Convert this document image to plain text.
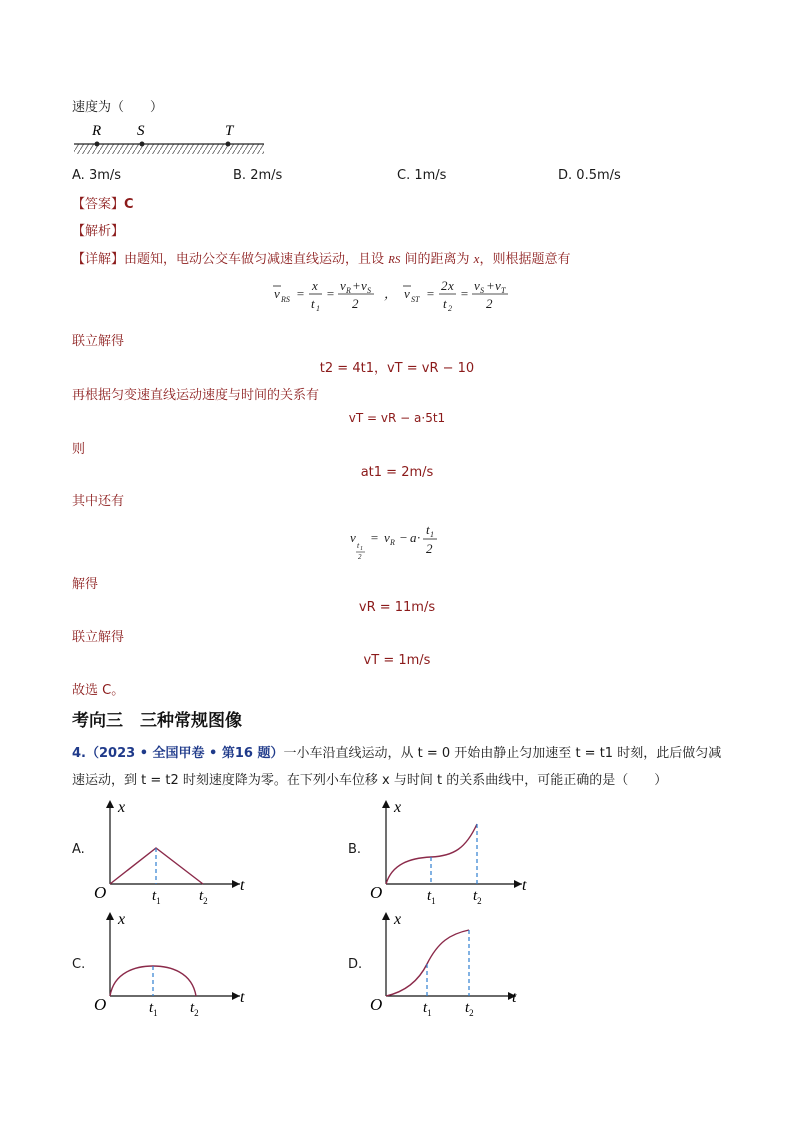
速度为（　　）
R S	T
A. 3m/s	B. 2m/s	C. 1m/s	D. 0.5m/s
【答案】C
【解析】
【详解】由题知，电动公交车做匀减速直线运动，且设 RS 间的距离为 x，则根据题意有
v RS =
x
t 1
=
v R + v S
2
， v ST =
2 x
t 2
=
v S + v T
2
联立解得
t2 = 4t1，vT = vR − 10
再根据匀变速直线运动速度与时间的关系有
vT = vR − a·5t1
则
at1 = 2m/s
其中还有
v
t 1
2
= v R − a ·
t 1
2
解得
vR = 11m/s
联立解得
vT = 1m/s
故选 C。
考向三　三种常规图像
4.（2023 • 全国甲卷 • 第16 题）一小车沿直线运动，从 t = 0 开始由静止匀加速至 t = t1 时刻，此后做匀减
速运动，到 t = t2 时刻速度降为零。在下列小车位移 x 与时间 t 的关系曲线中，可能正确的是（　　）
A.
x
t
O	$t_1$	$t_2$
B.
x
t
O	$t_1$ $t_2$
C.
x
t
O	$t_1$ $t_2$
D.
x
t
O	$t_1$ $t_2$
